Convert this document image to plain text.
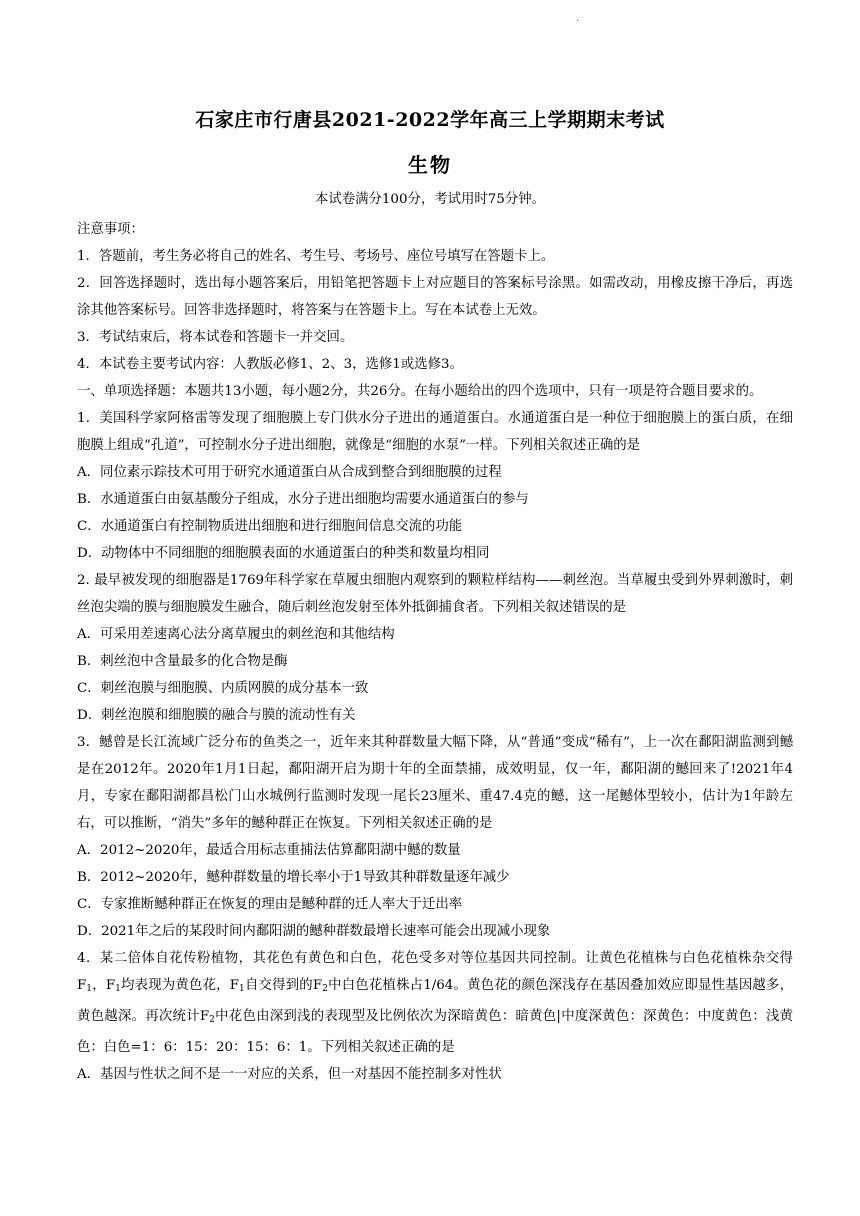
·
石家庄市行唐县2021-2022学年高三上学期期末考试
生物
本试卷满分100分，考试用时75分钟。

注意事项：

1．答题前，考生务必将自己的姓名、考生号、考场号、座位号填写在答题卡上。

2．回答选择题时，选出每小题答案后，用铅笔把答题卡上对应题目的答案标号涂黑。如需改动，用橡皮擦干净后，再选涂其他答案标号。回答非选择题时，将答案与在答题卡上。写在本试卷上无效。

3．考试结束后，将本试卷和答题卡一并交回。

4．本试卷主要考试内容：人教版必修1、2、3，选修1或选修3。

一、单项选择题：本题共13小题，每小题2分，共26分。在每小题给出的四个选项中，只有一项是符合题目要求的。

1．美国科学家阿格雷等发现了细胞膜上专门供水分子进出的通道蛋白。水通道蛋白是一种位于细胞膜上的蛋白质，在细胞膜上组成“孔道”，可控制水分子进出细胞，就像是“细胞的水泵”一样。下列相关叙述正确的是

A．同位素示踪技术可用于研究水通道蛋白从合成到整合到细胞膜的过程

B．水通道蛋白由氨基酸分子组成，水分子进出细胞均需要水通道蛋白的参与

C．水通道蛋白有控制物质进出细胞和进行细胞间信息交流的功能

D．动物体中不同细胞的细胞膜表面的水通道蛋白的种类和数量均相同

2. 最早被发现的细胞器是1769年科学家在草履虫细胞内观察到的颗粒样结构——刺丝泡。当草履虫受到外界刺激时，刺丝泡尖端的膜与细胞膜发生融合，随后刺丝泡发射至体外抵御捕食者。下列相关叙述错误的是

A．可采用差速离心法分离草履虫的刺丝泡和其他结构

B．刺丝泡中含量最多的化合物是酶

C．刺丝泡膜与细胞膜、内质网膜的成分基本一致

D．刺丝泡膜和细胞膜的融合与膜的流动性有关

3．鳡曾是长江流域广泛分布的鱼类之一，近年来其种群数量大幅下降，从“普通”变成“稀有”，上一次在鄱阳湖监测到鳡是在2012年。2020年1月1日起，鄱阳湖开启为期十年的全面禁捕，成效明显，仅一年，鄱阳湖的鳡回来了!2021年4月，专家在鄱阳湖都昌松门山水城例行监测时发现一尾长23厘米、重47.4克的鳡，这一尾鳡体型较小，估计为1年龄左右，可以推断，“消失”多年的鳡种群正在恢复。下列相关叙述正确的是

A．2012~2020年，最适合用标志重捕法估算鄱阳湖中鳡的数量

B．2012~2020年，鳡种群数量的增长率小于1导致其种群数量逐年减少

C．专家推断鳡种群正在恢复的理由是鳡种群的迁人率大于迁出率

D．2021年之后的某段时间内鄱阳湖的鳡种群数最增长速率可能会出现减小现象

4．某二倍体自花传粉植物，其花色有黄色和白色，花色受多对等位基因共同控制。让黄色花植株与白色花植株杂交得$F_1$，$F_1$均表现为黄色花，$F_1$自交得到的$F_2$中白色花植株占1/64。黄色花的颜色深浅存在基因叠加效应即显性基因越多，黄色越深。再次统计$F_2$中花色由深到浅的表现型及比例依次为深暗黄色：暗黄色|中度深黄色：深黄色：中度黄色：浅黄色：白色=1：6：15：20：15：6：1。下列相关叙述正确的是

A．基因与性状之间不是一一对应的关系，但一对基因不能控制多对性状
